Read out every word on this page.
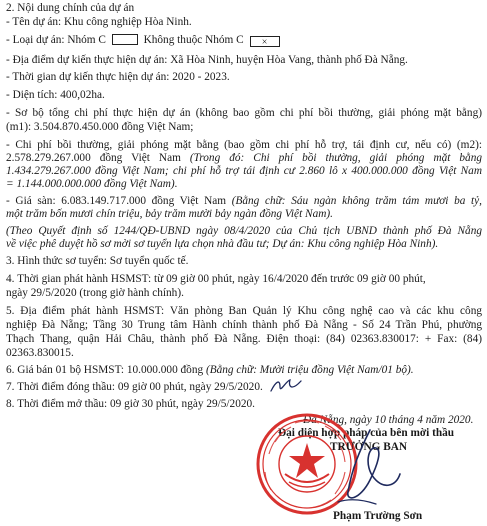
2. Nội dung chính của dự án

- Tên dự án: Khu công nghiệp Hòa Ninh.

- Loại dự án: Nhóm C	Không thuộc Nhóm C ×

- Địa điểm dự kiến thực hiện dự án: Xã Hòa Ninh, huyện Hòa Vang, thành phố Đà Nẵng.

- Thời gian dự kiến thực hiện dự án: 2020 - 2023.

- Diện tích: 400,02ha.

- Sơ bộ tổng chi phí thực hiện dự án (không bao gồm chi phí bồi thường, giải phóng mặt bằng)

(m1): 3.504.870.450.000 đồng Việt Nam;

- Chi phí bồi thường, giải phóng mặt bằng (bao gồm chi phí hỗ trợ, tái định cư, nếu có) (m2):

2.578.279.267.000 đồng Việt Nam (Trong đó: Chi phí bồi thường, giải phóng mặt bằng

1.434.279.267.000 đồng Việt Nam; chi phí hỗ trợ tái định cư 2.860 lô x 400.000.000 đồng Việt Nam

= 1.144.000.000.000 đồng Việt Nam).

- Giá sàn: 6.083.149.717.000 đồng Việt Nam (Bằng chữ: Sáu ngàn không trăm tám mươi ba tỷ,

một trăm bốn mươi chín triệu, bảy trăm mười bảy ngàn đồng Việt Nam).

(Theo Quyết định số 1244/QĐ-UBND ngày 08/4/2020 của Chủ tịch UBND thành phố Đà Nẵng

về việc phê duyệt hồ sơ mời sơ tuyển lựa chọn nhà đầu tư; Dự án: Khu công nghiệp Hòa Ninh).

3. Hình thức sơ tuyển: Sơ tuyển quốc tế.

4. Thời gian phát hành HSMST: từ 09 giờ 00 phút, ngày 16/4/2020 đến trước 09 giờ 00 phút,

ngày 29/5/2020 (trong giờ hành chính).

5. Địa điểm phát hành HSMST: Văn phòng Ban Quản lý Khu công nghệ cao và các khu công

nghiệp Đà Nẵng; Tầng 30 Trung tâm Hành chính thành phố Đà Nẵng - Số 24 Trần Phú, phường

Thạch Thang, quận Hải Châu, thành phố Đà Nẵng. Điện thoại: (84) 02363.830017: + Fax: (84)

02363.830015.

6. Giá bán 01 bộ HSMST: 10.000.000 đồng (Bằng chữ: Mười triệu đồng Việt Nam/01 bộ).

7. Thời điểm đóng thầu: 09 giờ 00 phút, ngày 29/5/2020.

8. Thời điểm mở thầu: 09 giờ 30 phút, ngày 29/5/2020.

Đà Nẵng, ngày 10 tháng 4 năm 2020.
Đại diện hợp pháp của bên mời thầu
TRƯỞNG BAN
Phạm Trường Sơn
